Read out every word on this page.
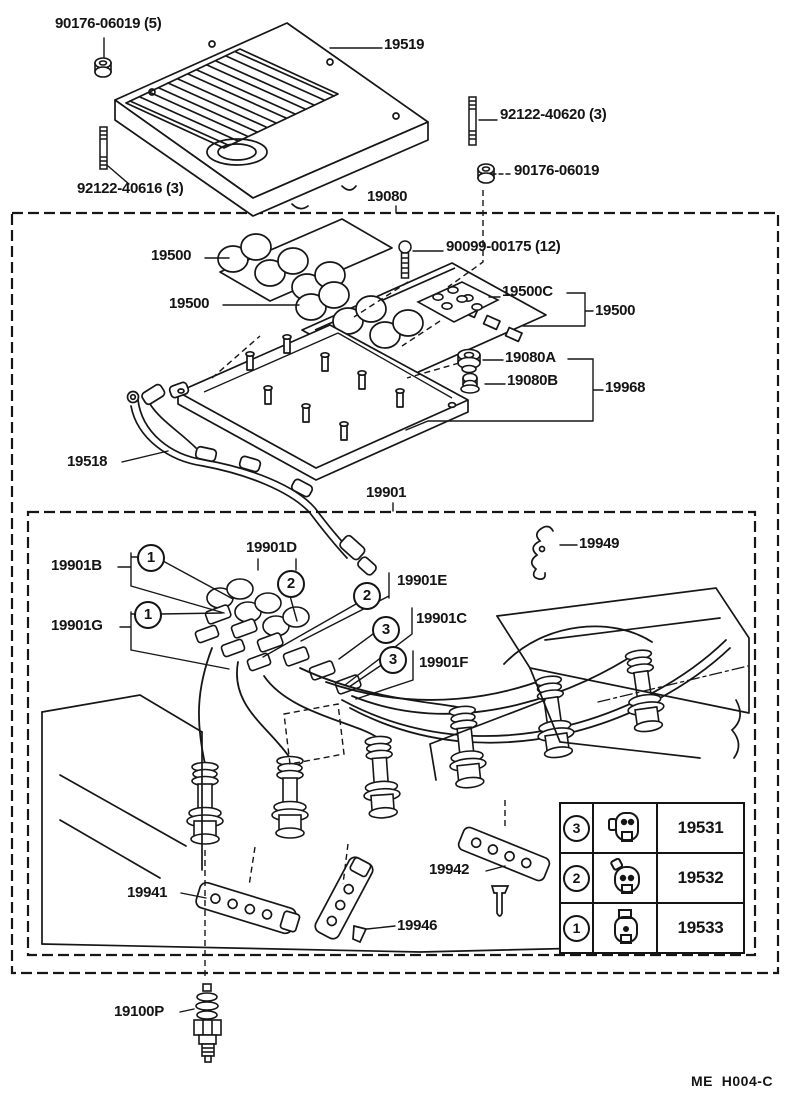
90176-06019 (5)
19519
92122-40620 (3)
90176-06019
92122-40616 (3)	19080
90099-00175 (12)
19500
19500
19500C
19500
19080A
19080B	19968
19518
19901
19949
19901B
19901D
19901E
19901G	19901C
19901F
19941
19942
19946
19100P
1
2
2
1
3
3
3	19531
2	19532
1	19533
ME  H004-C
